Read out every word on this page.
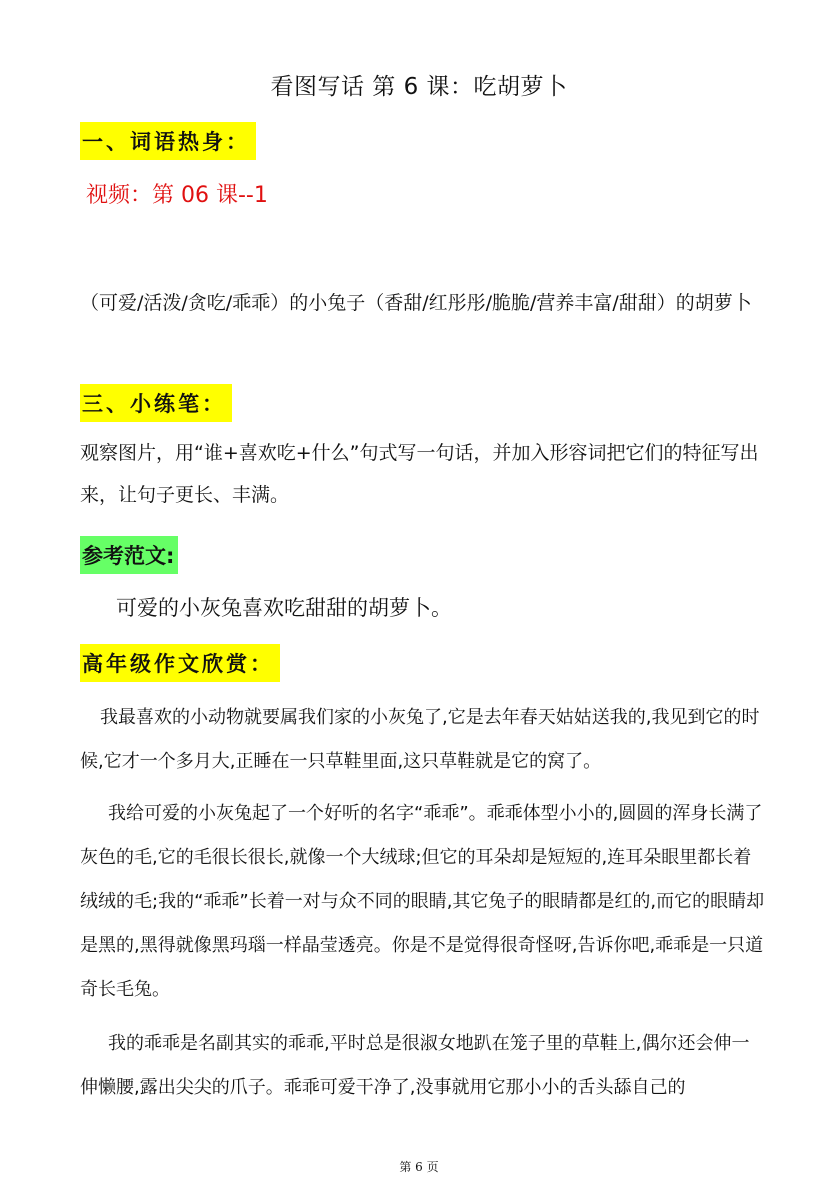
看图写话 第 6 课：吃胡萝卜
一、词语热身：
视频：第 06 课--1
（可爱/活泼/贪吃/乖乖）的小兔子（香甜/红彤彤/脆脆/营养丰富/甜甜）的胡萝卜
三、小练笔：
观察图片，用“谁+喜欢吃+什么”句式写一句话，并加入形容词把它们的特征写出来，让句子更长、丰满。
参考范文:
可爱的小灰兔喜欢吃甜甜的胡萝卜。
高年级作文欣赏：
我最喜欢的小动物就要属我们家的小灰兔了,它是去年春天姑姑送我的,我见到它的时候,它才一个多月大,正睡在一只草鞋里面,这只草鞋就是它的窝了。
我给可爱的小灰兔起了一个好听的名字“乖乖”。乖乖体型小小的,圆圆的浑身长满了灰色的毛,它的毛很长很长,就像一个大绒球;但它的耳朵却是短短的,连耳朵眼里都长着绒绒的毛;我的“乖乖”长着一对与众不同的眼睛,其它兔子的眼睛都是红的,而它的眼睛却是黑的,黑得就像黑玛瑙一样晶莹透亮。你是不是觉得很奇怪呀,告诉你吧,乖乖是一只道奇长毛兔。
我的乖乖是名副其实的乖乖,平时总是很淑女地趴在笼子里的草鞋上,偶尔还会伸一伸懒腰,露出尖尖的爪子。乖乖可爱干净了,没事就用它那小小的舌头舔自己的
第 6 页
